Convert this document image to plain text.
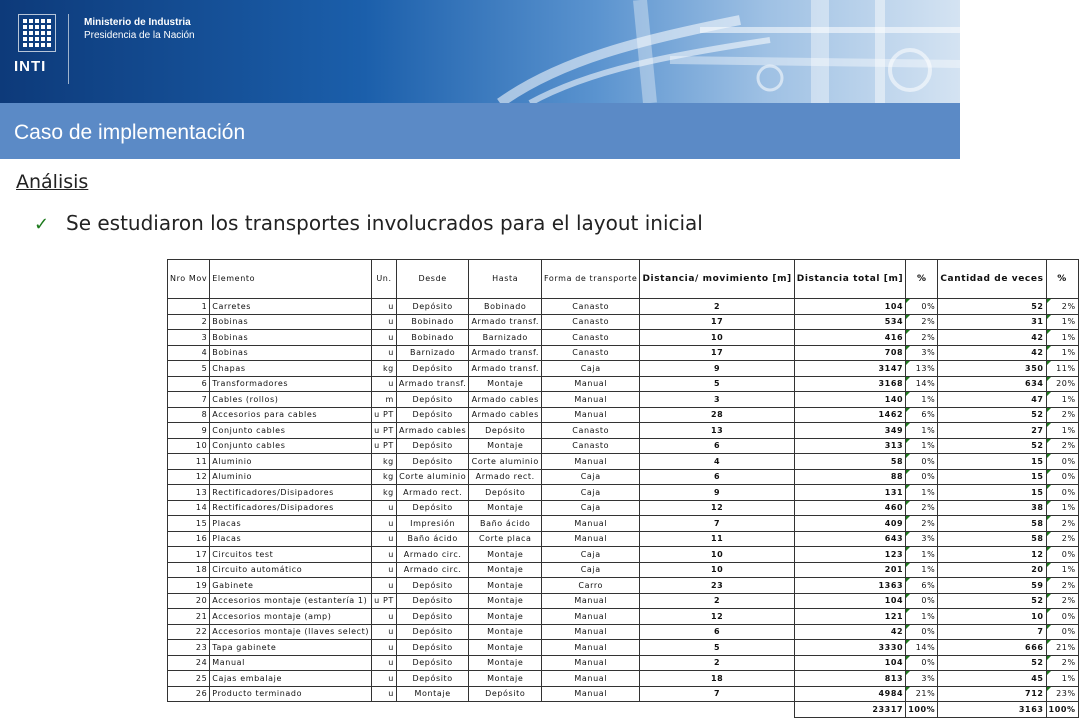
INTI
Ministerio de Industria
Presidencia de la Nación
Caso de implementación
Análisis
✓ Se estudiaron los transportes involucrados para el layout inicial
Nro Mov	Elemento	Un.	Desde	Hasta	Forma de transporte	Distancia/ movimiento [m]	Distancia total [m]	%	Cantidad de veces	%
1	Carretes	u	Depósito	Bobinado	Canasto	2	104	0%	52	2%
2	Bobinas	u	Bobinado	Armado transf.	Canasto	17	534	2%	31	1%
3	Bobinas	u	Bobinado	Barnizado	Canasto	10	416	2%	42	1%
4	Bobinas	u	Barnizado	Armado transf.	Canasto	17	708	3%	42	1%
5	Chapas	kg	Depósito	Armado transf.	Caja	9	3147	13%	350	11%
6	Transformadores	u	Armado transf.	Montaje	Manual	5	3168	14%	634	20%
7	Cables (rollos)	m	Depósito	Armado cables	Manual	3	140	1%	47	1%
8	Accesorios para cables	u PT	Depósito	Armado cables	Manual	28	1462	6%	52	2%
9	Conjunto cables	u PT	Armado cables	Depósito	Canasto	13	349	1%	27	1%
10	Conjunto cables	u PT	Depósito	Montaje	Canasto	6	313	1%	52	2%
11	Aluminio	kg	Depósito	Corte aluminio	Manual	4	58	0%	15	0%
12	Aluminio	kg	Corte aluminio	Armado rect.	Caja	6	88	0%	15	0%
13	Rectificadores/Disipadores	kg	Armado rect.	Depósito	Caja	9	131	1%	15	0%
14	Rectificadores/Disipadores	u	Depósito	Montaje	Caja	12	460	2%	38	1%
15	Placas	u	Impresión	Baño ácido	Manual	7	409	2%	58	2%
16	Placas	u	Baño ácido	Corte placa	Manual	11	643	3%	58	2%
17	Circuitos test	u	Armado circ.	Montaje	Caja	10	123	1%	12	0%
18	Circuito automático	u	Armado circ.	Montaje	Caja	10	201	1%	20	1%
19	Gabinete	u	Depósito	Montaje	Carro	23	1363	6%	59	2%
20	Accesorios montaje (estantería 1)	u PT	Depósito	Montaje	Manual	2	104	0%	52	2%
21	Accesorios montaje (amp)	u	Depósito	Montaje	Manual	12	121	1%	10	0%
22	Accesorios montaje (llaves select)	u	Depósito	Montaje	Manual	6	42	0%	7	0%
23	Tapa gabinete	u	Depósito	Montaje	Manual	5	3330	14%	666	21%
24	Manual	u	Depósito	Montaje	Manual	2	104	0%	52	2%
25	Cajas embalaje	u	Depósito	Montaje	Manual	18	813	3%	45	1%
26	Producto terminado	u	Montaje	Depósito	Manual	7	4984	21%	712	23%
							23317	100%	3163	100%
